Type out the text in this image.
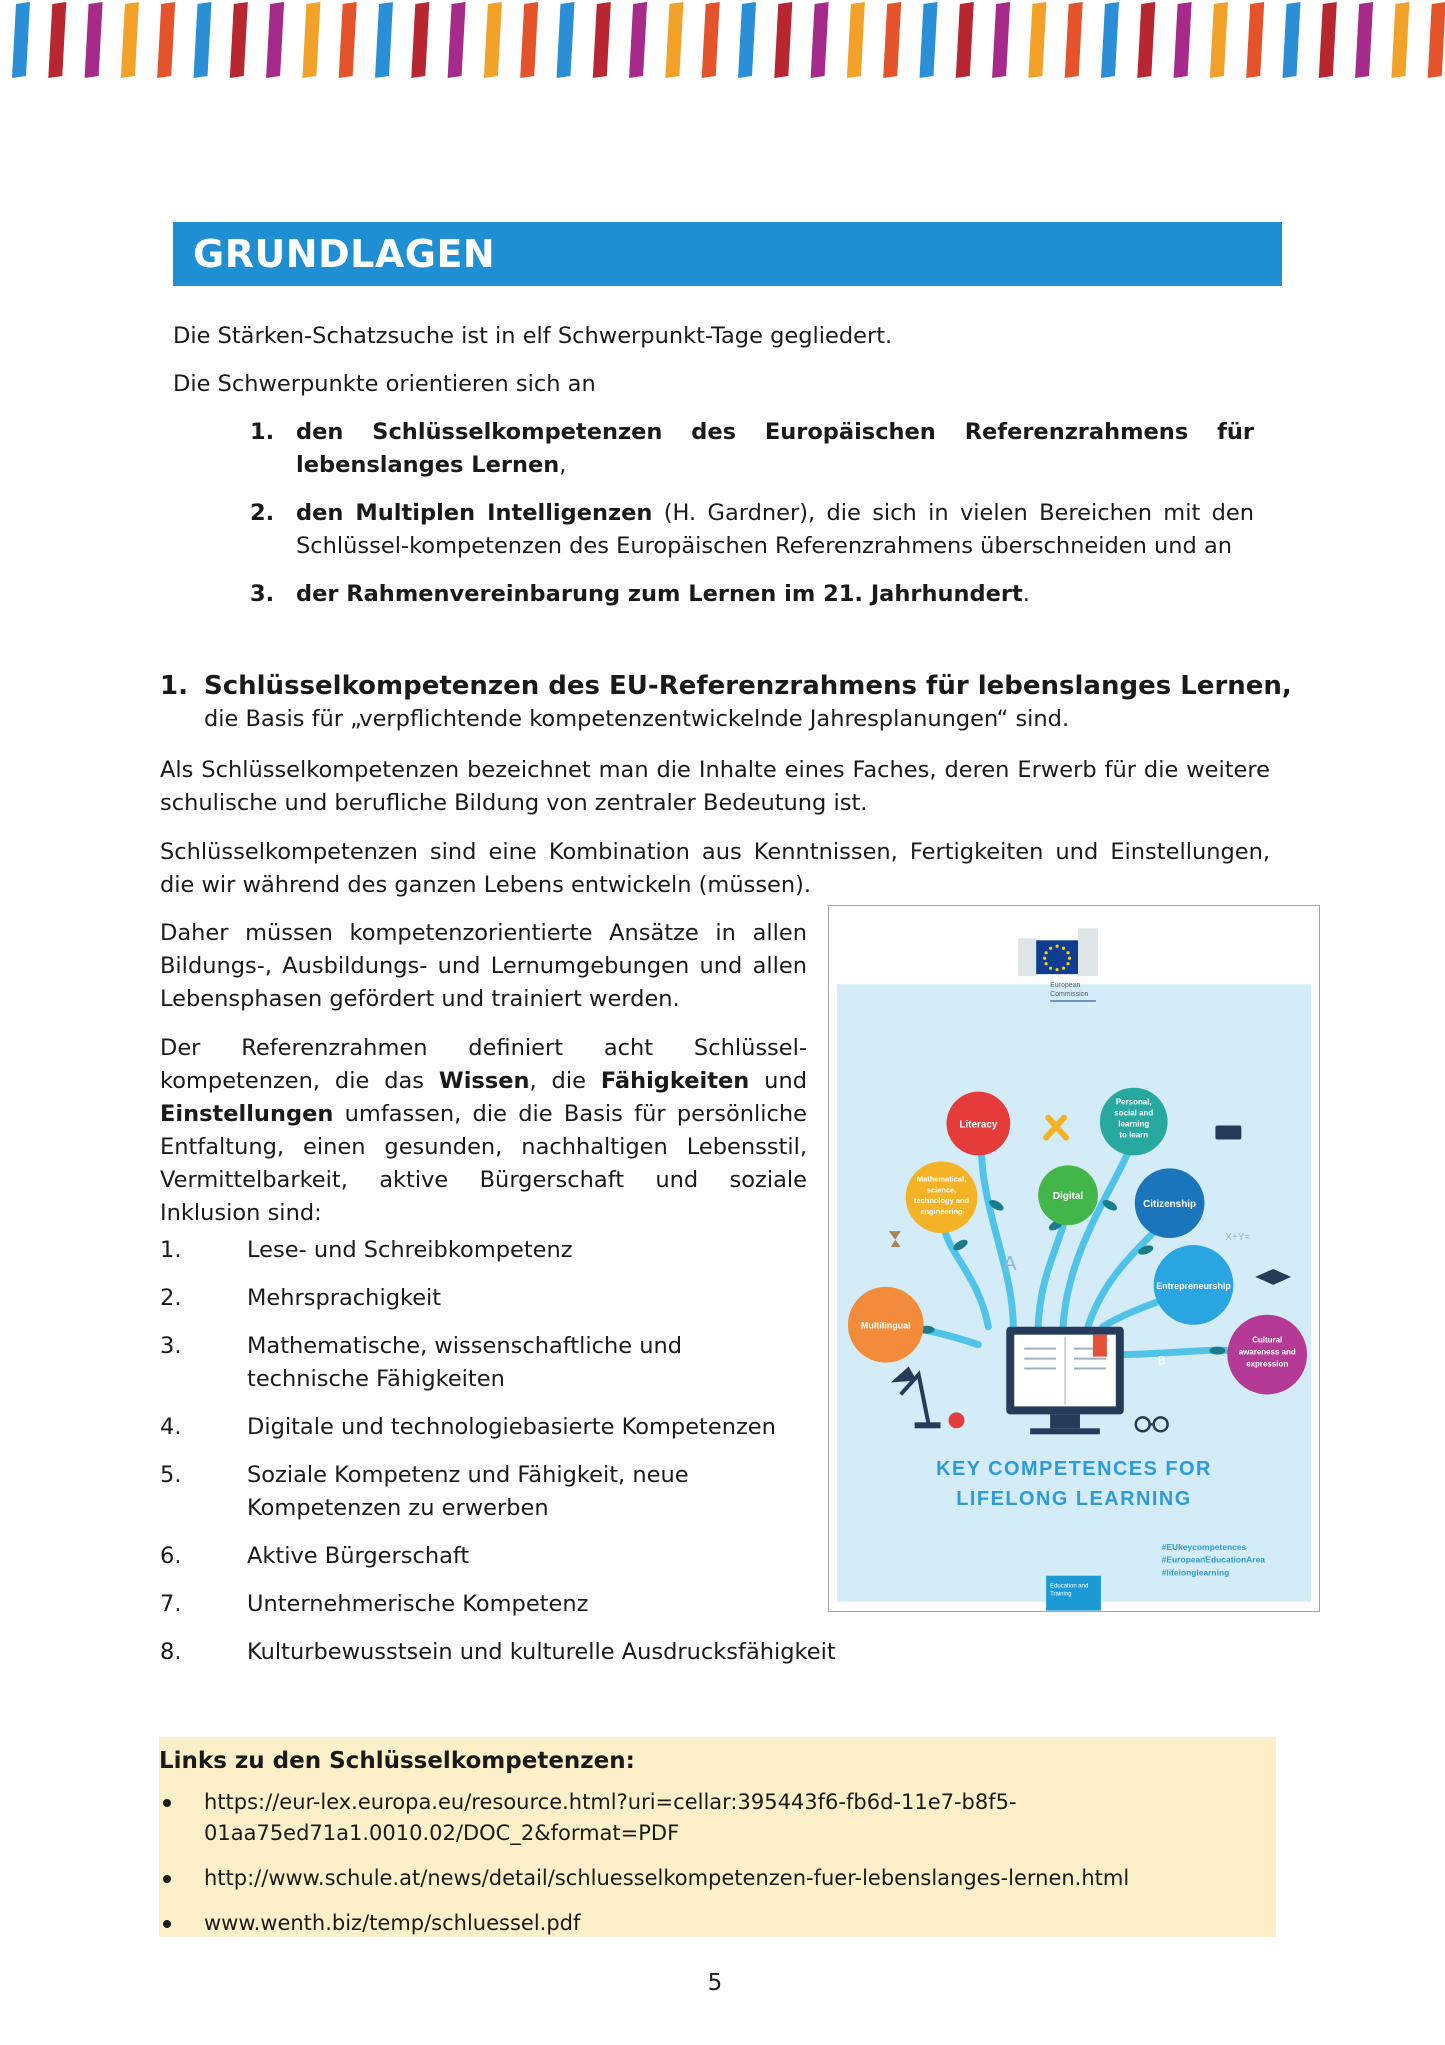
GRUNDLAGEN

Die Stärken-Schatzsuche ist in elf Schwerpunkt-Tage gegliedert.

Die Schwerpunkte orientieren sich an

1. den Schlüsselkompetenzen des Europäischen Referenzrahmens für lebenslanges Lernen,
2. den Multiplen Intelligenzen (H. Gardner), die sich in vielen Bereichen mit den Schlüssel-kompetenzen des Europäischen Referenzrahmens überschneiden und an
3. der Rahmenvereinbarung zum Lernen im 21. Jahrhundert.
1. Schlüsselkompetenzen des EU-Referenzrahmens für lebenslanges Lernen,
die Basis für „verpflichtende kompetenzentwickelnde Jahresplanungen“ sind.

Als Schlüsselkompetenzen bezeichnet man die Inhalte eines Faches, deren Erwerb für die weitere schulische und berufliche Bildung von zentraler Bedeutung ist.

Schlüsselkompetenzen sind eine Kombination aus Kenntnissen, Fertigkeiten und Einstellungen, die wir während des ganzen Lebens entwickeln (müssen).

Daher müssen kompetenzorientierte Ansätze in allen Bildungs-, Ausbildungs- und Lernumgebungen und allen Lebensphasen gefördert und trainiert werden.

Der Referenzrahmen definiert acht Schlüssel-kompetenzen, die das Wissen, die Fähigkeiten und Einstellungen umfassen, die die Basis für persönliche Entfaltung, einen gesunden, nachhaltigen Lebensstil, Vermittelbarkeit, aktive Bürgerschaft und soziale Inklusion sind:

1.	Lese- und Schreibkompetenz
2.	Mehrsprachigkeit
3.	Mathematische, wissenschaftliche und technische Fähigkeiten
4.	Digitale und technologiebasierte Kompetenzen
5.	Soziale Kompetenz und Fähigkeit, neue Kompetenzen zu erwerben
6.	Aktive Bürgerschaft
7.	Unternehmerische Kompetenz
8.	Kulturbewusstsein und kulturelle Ausdrucksfähigkeit
European
Commission
X+Y=
A
B
Literacy
Personal,
social and
learning
to learn
Mathematical,
science,
technology and
engineering
Digital
Citizenship
Entrepreneurship
Multilingual
Cultural
awareness and
expression
KEY COMPETENCES FOR
LIFELONG LEARNING
#EUkeycompetences
#EuropeanEducationArea
#lifelonglearning
Education and
Training
Links zu den Schlüsselkompetenzen:
https://eur-lex.europa.eu/resource.html?uri=cellar:395443f6-fb6d-11e7-b8f5-01aa75ed71a1.0010.02/DOC_2&format=PDF
http://www.schule.at/news/detail/schluesselkompetenzen-fuer-lebenslanges-lernen.html
www.wenth.biz/temp/schluessel.pdf
5
